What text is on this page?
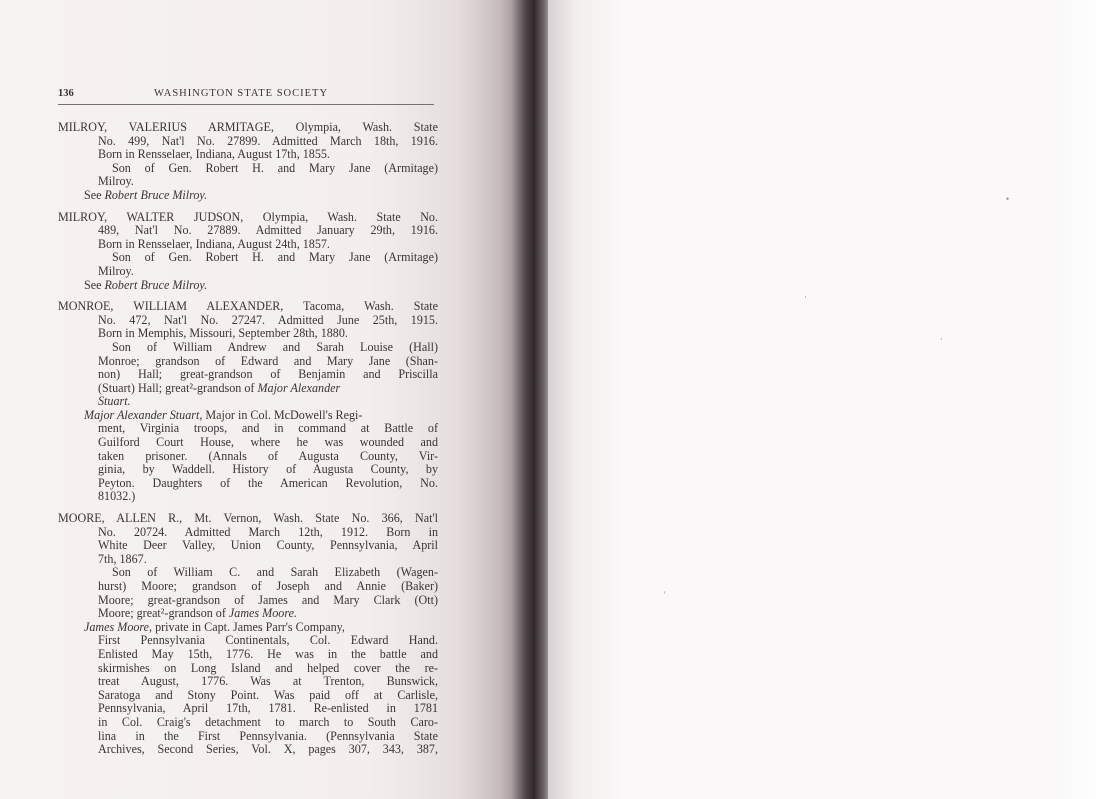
136	WASHINGTON STATE SOCIETY
MILROY, VALERIUS ARMITAGE, Olympia, Wash. State
No. 499, Nat'l No. 27899. Admitted March 18th, 1916.
Born in Rensselaer, Indiana, August 17th, 1855.
Son of Gen. Robert H. and Mary Jane (Armitage)
Milroy.
See Robert Bruce Milroy.
MILROY, WALTER JUDSON, Olympia, Wash. State No.
489, Nat'l No. 27889. Admitted January 29th, 1916.
Born in Rensselaer, Indiana, August 24th, 1857.
Son of Gen. Robert H. and Mary Jane (Armitage)
Milroy.
See Robert Bruce Milroy.
MONROE, WILLIAM ALEXANDER, Tacoma, Wash. State
No. 472, Nat'l No. 27247. Admitted June 25th, 1915.
Born in Memphis, Missouri, September 28th, 1880.
Son of William Andrew and Sarah Louise (Hall)
Monroe; grandson of Edward and Mary Jane (Shan-
non) Hall; great-grandson of Benjamin and Priscilla
(Stuart) Hall; great²-grandson of Major Alexander
Stuart.
Major Alexander Stuart, Major in Col. McDowell's Regi-
ment, Virginia troops, and in command at Battle of
Guilford Court House, where he was wounded and
taken prisoner. (Annals of Augusta County, Vir-
ginia, by Waddell. History of Augusta County, by
Peyton. Daughters of the American Revolution, No.
81032.)
MOORE, ALLEN R., Mt. Vernon, Wash. State No. 366, Nat'l
No. 20724. Admitted March 12th, 1912. Born in
White Deer Valley, Union County, Pennsylvania, April
7th, 1867.
Son of William C. and Sarah Elizabeth (Wagen-
hurst) Moore; grandson of Joseph and Annie (Baker)
Moore; great-grandson of James and Mary Clark (Ott)
Moore; great²-grandson of James Moore.
James Moore, private in Capt. James Parr's Company,
First Pennsylvania Continentals, Col. Edward Hand.
Enlisted May 15th, 1776. He was in the battle and
skirmishes on Long Island and helped cover the re-
treat August, 1776. Was at Trenton, Bunswick,
Saratoga and Stony Point. Was paid off at Carlisle,
Pennsylvania, April 17th, 1781. Re-enlisted in 1781
in Col. Craig's detachment to march to South Caro-
lina in the First Pennsylvania. (Pennsylvania State
Archives, Second Series, Vol. X, pages 307, 343, 387,
•
·
·
'
